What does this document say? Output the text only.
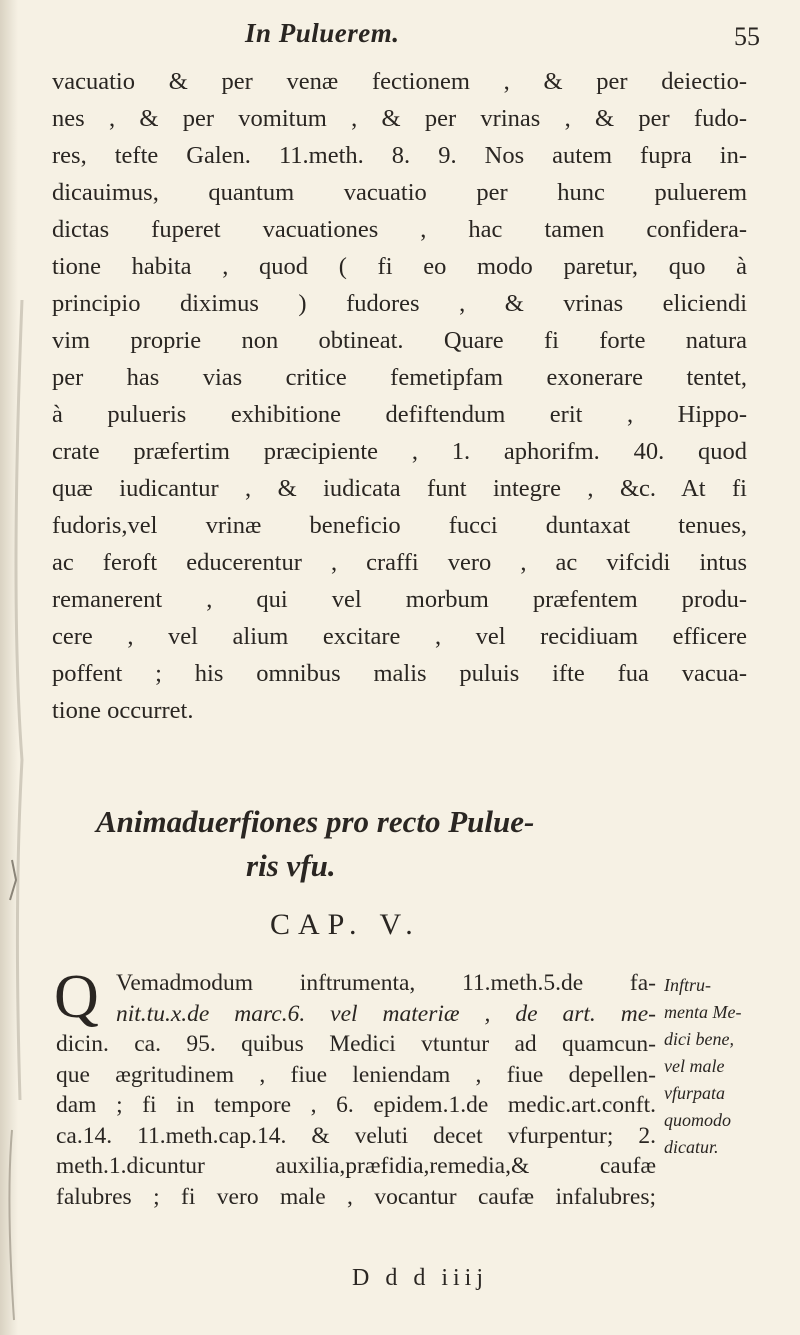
In Puluerem.	55
vacuatio & per venæ fectionem , & per deiectio-
nes , & per vomitum , & per vrinas , & per fudo-
res, tefte Galen. 11.meth. 8. 9. Nos autem fupra in-
dicauimus, quantum vacuatio per hunc puluerem
dictas fuperet vacuationes , hac tamen confidera-
tione habita , quod ( fi eo modo paretur, quo à
principio diximus ) fudores , & vrinas eliciendi
vim proprie non obtineat. Quare fi forte natura
per has vias critice femetipfam exonerare tentet,
à pulueris exhibitione defiftendum erit , Hippo-
crate præfertim præcipiente , 1. aphorifm. 40. quod
quæ iudicantur , & iudicata funt integre , &c. At fi
fudoris,vel vrinæ beneficio fucci duntaxat tenues,
ac feroft educerentur , craffi vero , ac vifcidi intus
remanerent , qui vel morbum præfentem produ-
cere , vel alium excitare , vel recidiuam efficere
poffent ; his omnibus malis puluis ifte fua vacua-
tione occurret.
Animaduerfiones pro recto Pulue-
ris vfu.
CAP. V.
Q Vemadmodum inftrumenta, 11.meth.5.de fa-
nit.tu.x.de marc.6. vel materiæ , de art. me-
dicin. ca. 95. quibus Medici vtuntur ad quamcun-
que ægritudinem , fiue leniendam , fiue depellen-
dam ; fi in tempore , 6. epidem.1.de medic.art.conft.
ca.14. 11.meth.cap.14. & veluti decet vfurpentur; 2.
meth.1.dicuntur auxilia,præfidia,remedia,& caufæ
falubres ; fi vero male , vocantur caufæ infalubres;
Inftru-
menta Me-
dici bene,
vel male
vfurpata
quomodo
dicatur.
D d d iiij
